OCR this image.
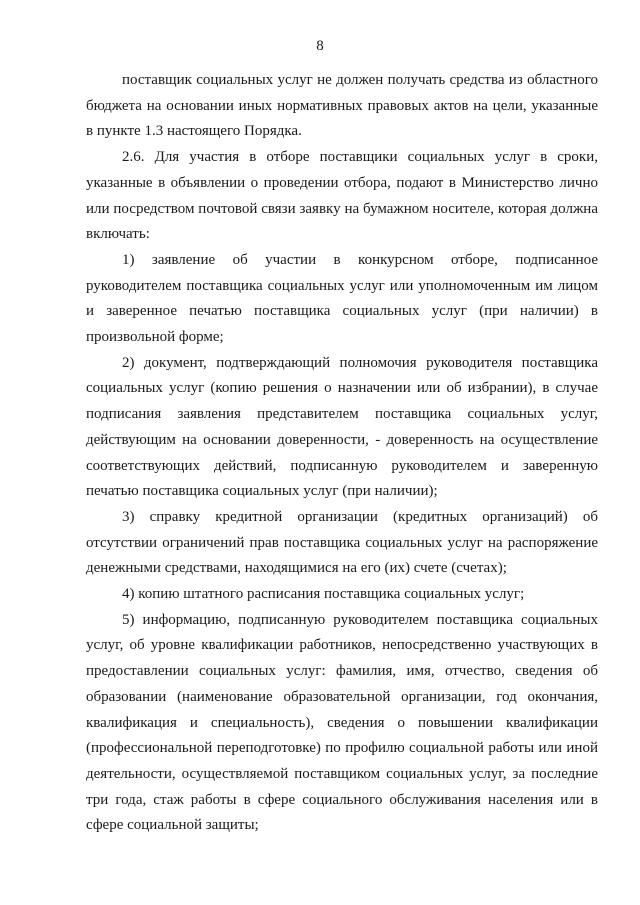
8

поставщик социальных услуг не должен получать средства из областного бюджета на основании иных нормативных правовых актов на цели, указанные в пункте 1.3 настоящего Порядка.

2.6. Для участия в отборе поставщики социальных услуг в сроки, указанные в объявлении о проведении отбора, подают в Министерство лично или посредством почтовой связи заявку на бумажном носителе, которая должна включать:

1) заявление об участии в конкурсном отборе, подписанное руководителем поставщика социальных услуг или уполномоченным им лицом и заверенное печатью поставщика социальных услуг (при наличии) в произвольной форме;

2) документ, подтверждающий полномочия руководителя поставщика социальных услуг (копию решения о назначении или об избрании), в случае подписания заявления представителем поставщика социальных услуг, действующим на основании доверенности, - доверенность на осуществление соответствующих действий, подписанную руководителем и заверенную печатью поставщика социальных услуг (при наличии);

3) справку кредитной организации (кредитных организаций) об отсутствии ограничений прав поставщика социальных услуг на распоряжение денежными средствами, находящимися на его (их) счете (счетах);

4) копию штатного расписания поставщика социальных услуг;

5) информацию, подписанную руководителем поставщика социальных услуг, об уровне квалификации работников, непосредственно участвующих в предоставлении социальных услуг: фамилия, имя, отчество, сведения об образовании (наименование образовательной организации, год окончания, квалификация и специальность), сведения о повышении квалификации (профессиональной переподготовке) по профилю социальной работы или иной деятельности, осуществляемой поставщиком социальных услуг, за последние три года, стаж работы в сфере социального обслуживания населения или в сфере социальной защиты;
